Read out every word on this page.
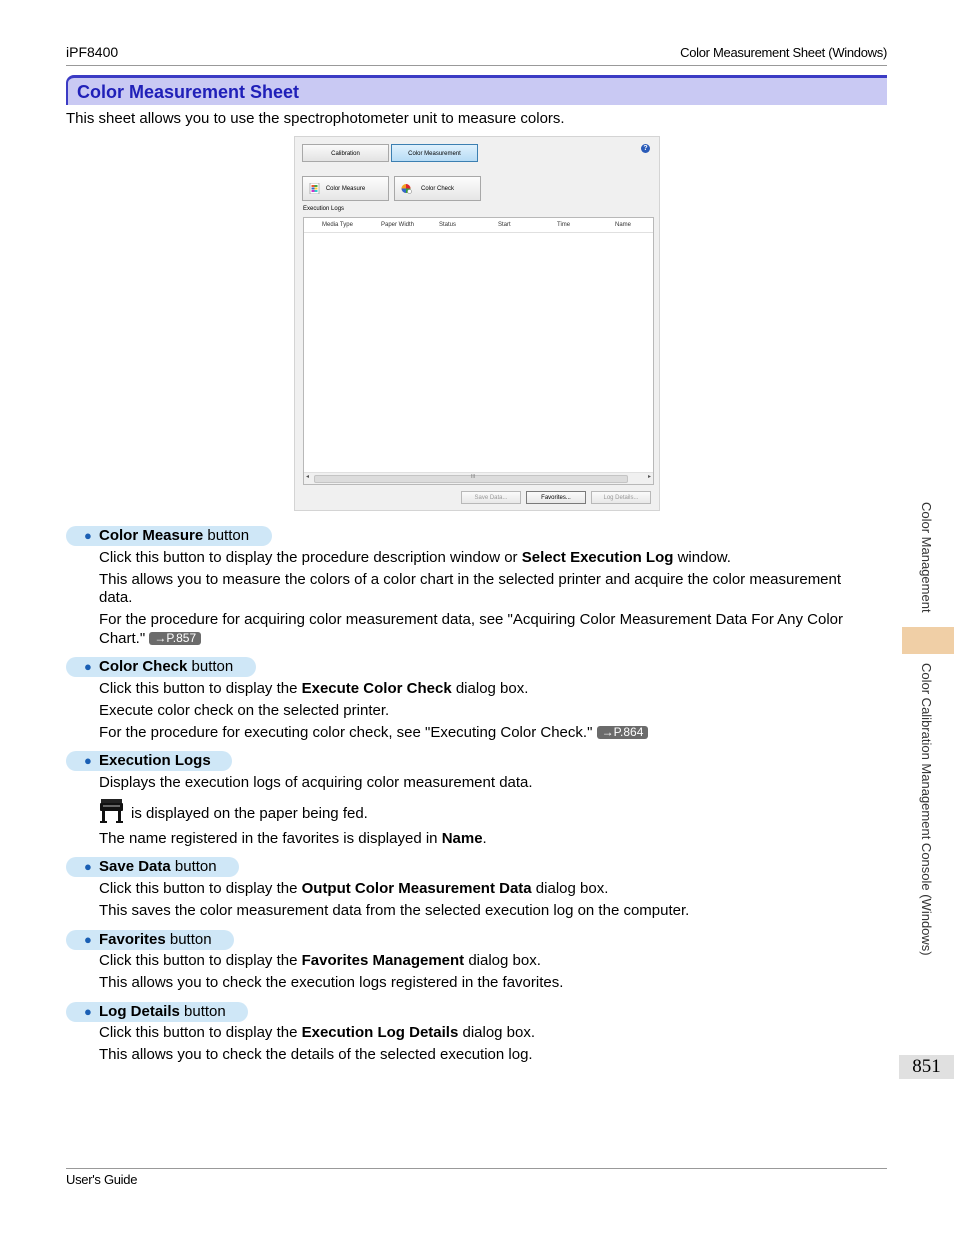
iPF8400	Color Measurement Sheet (Windows)
Color Measurement Sheet
This sheet allows you to use the spectrophotometer unit to measure colors.
Calibration	Color Measurement
?
Color Measure	Color Check
Execution Logs
Media Type	Paper Width	Status	Start	Time	Name
◂	III	▸
Save Data...	Favorites...	Log Details...
● Color Measure button
Click this button to display the procedure description window or Select Execution Log window.
This allows you to measure the colors of a color chart in the selected printer and acquire the color measurement
data.
For the procedure for acquiring color measurement data, see "Acquiring Color Measurement Data For Any Color
Chart." →P.857
● Color Check button
Click this button to display the Execute Color Check dialog box.
Execute color check on the selected printer.
For the procedure for executing color check, see "Executing Color Check." →P.864
● Execution Logs
Displays the execution logs of acquiring color measurement data.
is displayed on the paper being fed.
The name registered in the favorites is displayed in Name.
● Save Data button
Click this button to display the Output Color Measurement Data dialog box.
This saves the color measurement data from the selected execution log on the computer.
● Favorites button
Click this button to display the Favorites Management dialog box.
This allows you to check the execution logs registered in the favorites.
● Log Details button
Click this button to display the Execution Log Details dialog box.
This allows you to check the details of the selected execution log.
Color Management
Color Calibration Management Console (Windows)
851
User's Guide
